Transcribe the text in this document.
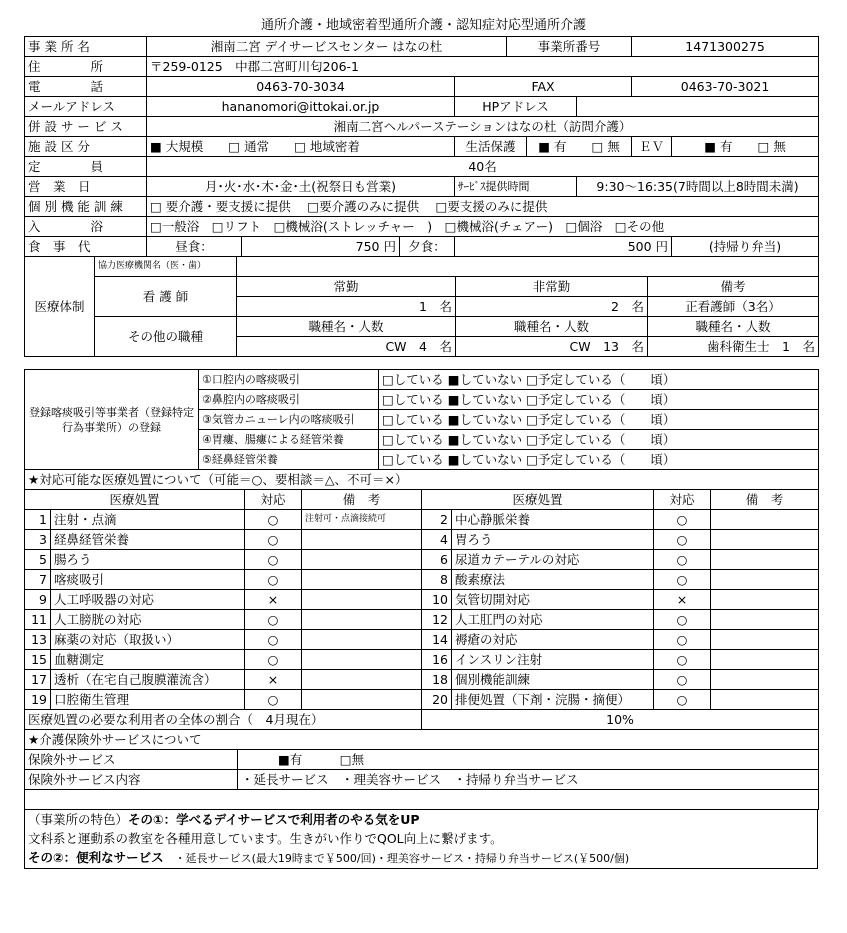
通所介護・地域密着型通所介護・認知症対応型通所介護
事 業 所 名	湘南二宮 デイサービスセンター はなの杜				事業所番号			1471300275	
住　　　　所	〒259-0125　中郡二宮町川匂206-1								
電　　　　話	0463-70-3034			FAX				0463-70-3021	
メールアドレス	hananomori@ittokai.or.jp			HPアドレス					
併 設 サ ー ビ ス	湘南二宮ヘルパーステーションはなの杜（訪問介護）								
施 設 区 分	■ 大規模　　□ 通常　　□ 地域密着			生活保護		■ 有　　□ 無		ＥＶ	■ 有　　□ 無
定　　　　員	40名								
営　業　日	月･火･水･木･金･土(祝祭日も営業)			ｻｰﾋﾞｽ提供時間			9:30～16:35(7時間以上8時間未満)		
個 別 機 能 訓 練	□ 要介護・要支援に提供　 □要介護のみに提供　 □要支援のみに提供								
入　　　　浴	□一般浴　□リフト　□機械浴(ストレッチャー　)　□機械浴(チェアー)　□個浴　□その他								
食　事　代	昼食：	750 円	夕食：	500 円					(持帰り弁当)
医療体制	協力医療機関名（医・歯）			
	看 護 師	常勤	非常勤	備考
		1　名	2　名	正看護師（3名）
	その他の職種	職種名・人数	職種名・人数	職種名・人数
		CW　4　名	CW　13　名	歯科衛生士　1　名
登録喀痰吸引等事業者（登録特定行為事業所）の登録	①口腔内の喀痰吸引	□している ■していない □予定している（　　頃）
	②鼻腔内の喀痰吸引	□している ■していない □予定している（　　頃）
	③気管カニューレ内の喀痰吸引	□している ■していない □予定している（　　頃）
	④胃瘻、腸瘻による経管栄養	□している ■していない □予定している（　　頃）
	⑤経鼻経管栄養	□している ■していない □予定している（　　頃）
★対応可能な医療処置について（可能＝○、要相談＝△、不可＝×）							
医療処置		対応	備　考	医療処置		対応	備　考
1	注射・点滴	○	注射可・点滴接続可	2	中心静脈栄養	○	
3	経鼻経管栄養	○		4	胃ろう	○	
5	腸ろう	○		6	尿道カテーテルの対応	○	
7	喀痰吸引	○		8	酸素療法	○	
9	人工呼吸器の対応	×		10	気管切開対応	×	
11	人工膀胱の対応	○		12	人工肛門の対応	○	
13	麻薬の対応（取扱い）	○		14	褥瘡の対応	○	
15	血糖測定	○		16	インスリン注射	○	
17	透析（在宅自己腹膜灌流含）	×		18	個別機能訓練	○	
19	口腔衛生管理	○		20	排便処置（下剤・浣腸・摘便）	○	
医療処置の必要な利用者の全体の割合（　4月現在）				10%			
★介護保険外サービスについて	
保険外サービス	■有　　　□無
保険外サービス内容	・延長サービス　・理美容サービス　・持帰り弁当サービス

（事業所の特色）その①：学べるデイサービスで利用者のやる気をUP
文科系と運動系の教室を各種用意しています。生きがい作りでQOL向上に繋げます。
その②：便利なサービス　・延長サービス(最大19時まで￥500/回)・理美容サービス・持帰り弁当サービス(￥500/個)
